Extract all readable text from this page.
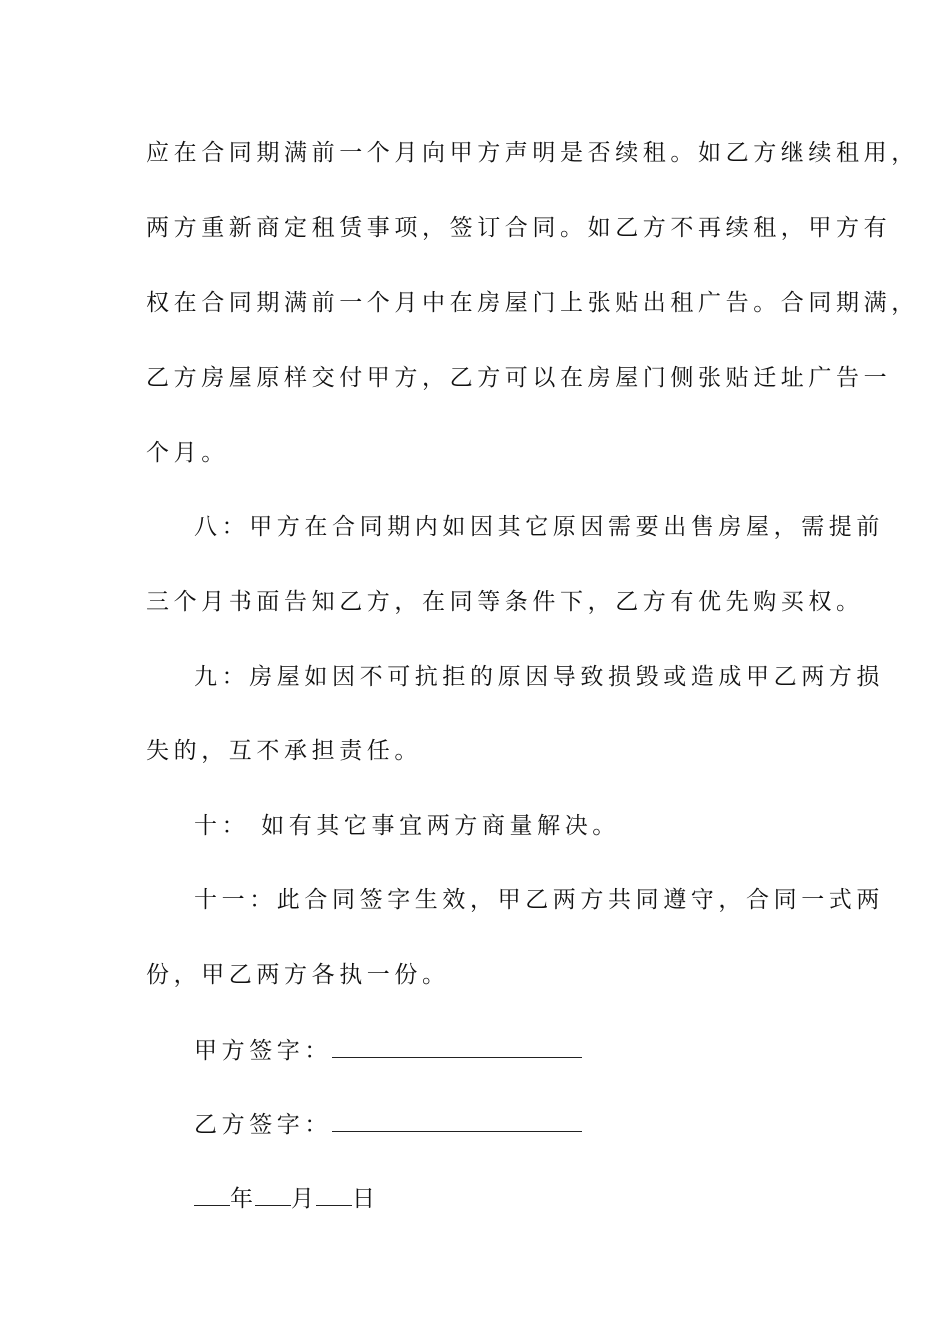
应在合同期满前一个月向甲方声明是否续租。如乙方继续租用，
两方重新商定租赁事项，签订合同。如乙方不再续租，甲方有
权在合同期满前一个月中在房屋门上张贴出租广告。合同期满，
乙方房屋原样交付甲方，乙方可以在房屋门侧张贴迁址广告一
个月。
八：甲方在合同期内如因其它原因需要出售房屋，需提前
三个月书面告知乙方，在同等条件下，乙方有优先购买权。
九：房屋如因不可抗拒的原因导致损毁或造成甲乙两方损
失的，互不承担责任。
十： 如有其它事宜两方商量解决。
十一：此合同签字生效，甲乙两方共同遵守，合同一式两
份，甲乙两方各执一份。
甲方签字：
乙方签字：
年 月 日
